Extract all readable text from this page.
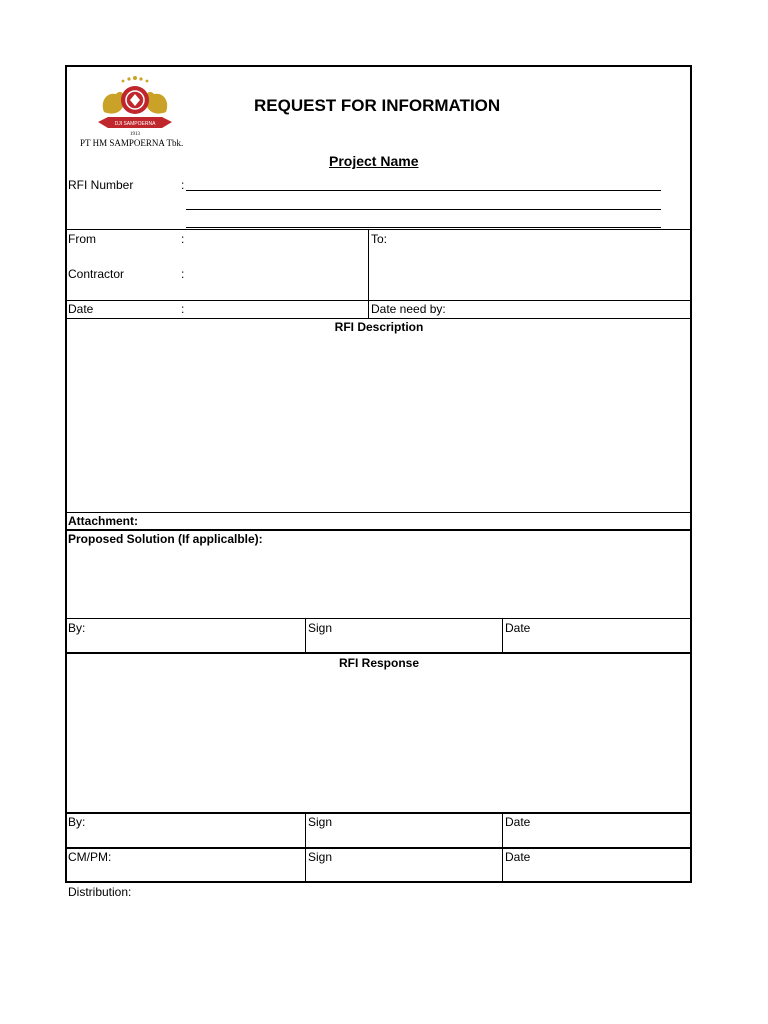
DJI SAMPOERNA
1913
PT HM SAMPOERNA Tbk.
REQUEST FOR INFORMATION
Project Name
RFI Number	:
From	:	To:
Contractor	:
Date	:	Date need by:
RFI Description
Attachment:
Proposed Solution (If applicalble):
By:	Sign	Date
RFI Response
By:	Sign	Date
CM/PM:	Sign	Date
Distribution:
